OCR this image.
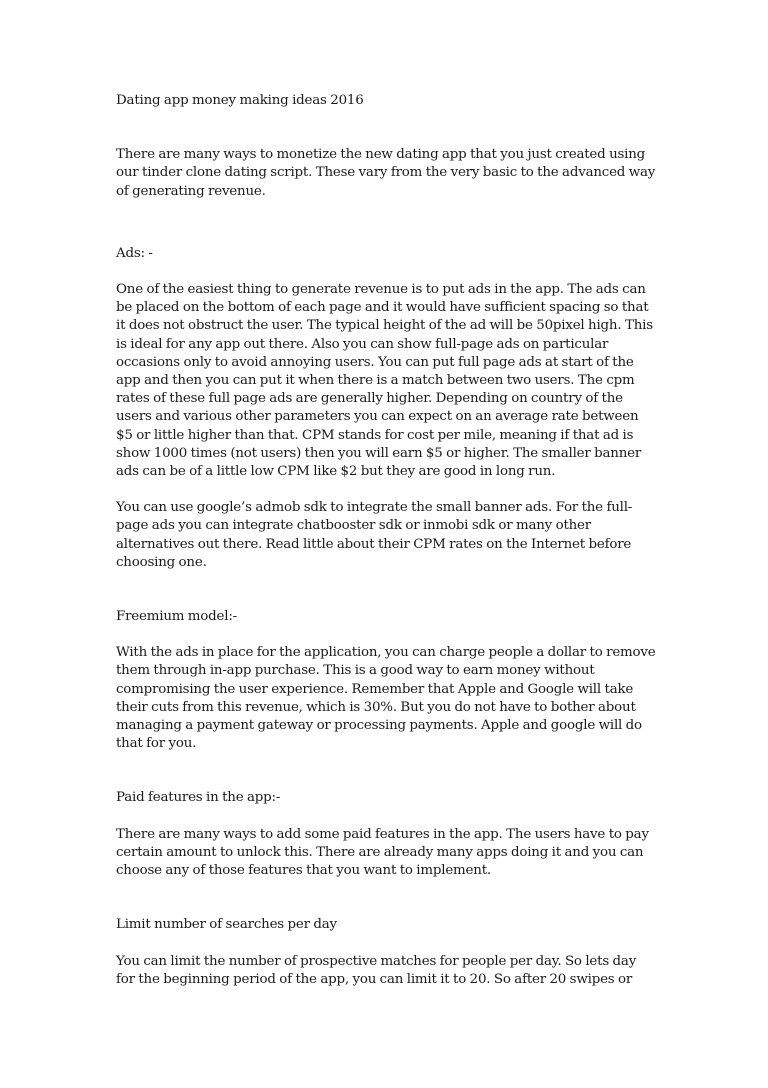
Dating app money making ideas 2016

There are many ways to monetize the new dating app that you just created using our tinder clone dating script. These vary from the very basic to the advanced way of generating revenue.

Ads: -

One of the easiest thing to generate revenue is to put ads in the app. The ads can be placed on the bottom of each page and it would have sufficient spacing so that it does not obstruct the user. The typical height of the ad will be 50pixel high. This is ideal for any app out there. Also you can show full-page ads on particular occasions only to avoid annoying users. You can put full page ads at start of the app and then you can put it when there is a match between two users. The cpm rates of these full page ads are generally higher. Depending on country of the users and various other parameters you can expect on an average rate between $5 or little higher than that. CPM stands for cost per mile, meaning if that ad is show 1000 times (not users) then you will earn $5 or higher. The smaller banner ads can be of a little low CPM like $2 but they are good in long run.

You can use google’s admob sdk to integrate the small banner ads. For the full-page ads you can integrate chatbooster sdk or inmobi sdk or many other alternatives out there. Read little about their CPM rates on the Internet before choosing one.

Freemium model:-

With the ads in place for the application, you can charge people a dollar to remove them through in-app purchase. This is a good way to earn money without compromising the user experience. Remember that Apple and Google will take their cuts from this revenue, which is 30%. But you do not have to bother about managing a payment gateway or processing payments. Apple and google will do that for you.

Paid features in the app:-

There are many ways to add some paid features in the app. The users have to pay certain amount to unlock this. There are already many apps doing it and you can choose any of those features that you want to implement.

Limit number of searches per day

You can limit the number of prospective matches for people per day. So lets day for the beginning period of the app, you can limit it to 20. So after 20 swipes or
